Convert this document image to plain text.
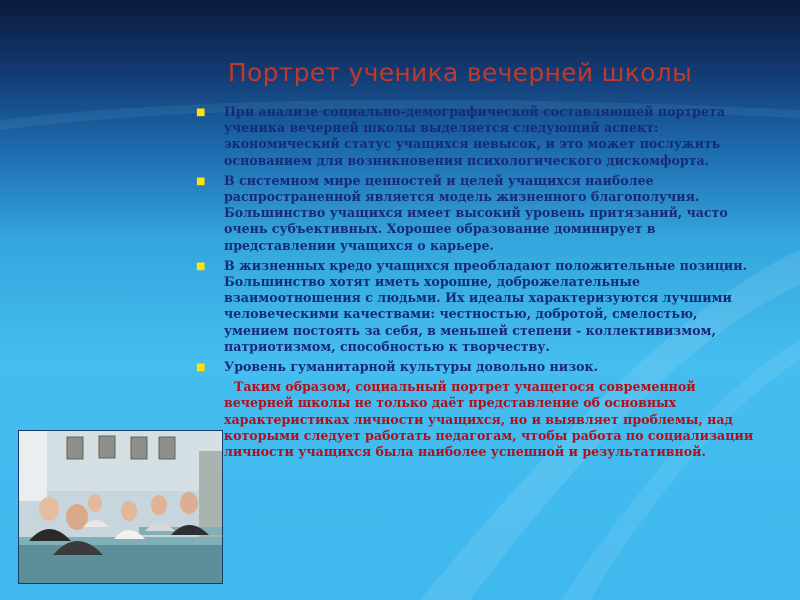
Портрет ученика вечерней школы
■ При анализе социально-демографической составляющей портрета ученика вечерней школы выделяется следующий аспект: экономический статус учащихся невысок, и это может послужить основанием для возникновения психологического дискомфорта.
■ В системном мире ценностей и целей учащихся наиболее распространенной является модель жизненного благополучия. Большинство учащихся имеет высокий уровень притязаний, часто очень субъективных. Хорошее образование доминирует в представлении учащихся о карьере.
■ В жизненных кредо учащихся преобладают положительные позиции. Большинство хотят иметь хорошие, доброжелательные взаимоотношения с людьми. Их идеалы характеризуются лучшими человеческими качествами: честностью, добротой, смелостью, умением постоять за себя, в меньшей степени - коллективизмом, патриотизмом, способностью к творчеству.
■ Уровень гуманитарной культуры довольно низок.
Таким образом, социальный портрет учащегося современной вечерней школы не только даёт представление об основных характеристиках личности учащихся, но и выявляет проблемы, над которыми следует работать педагогам, чтобы работа по социализации личности учащихся была наиболее успешной и результативной.
